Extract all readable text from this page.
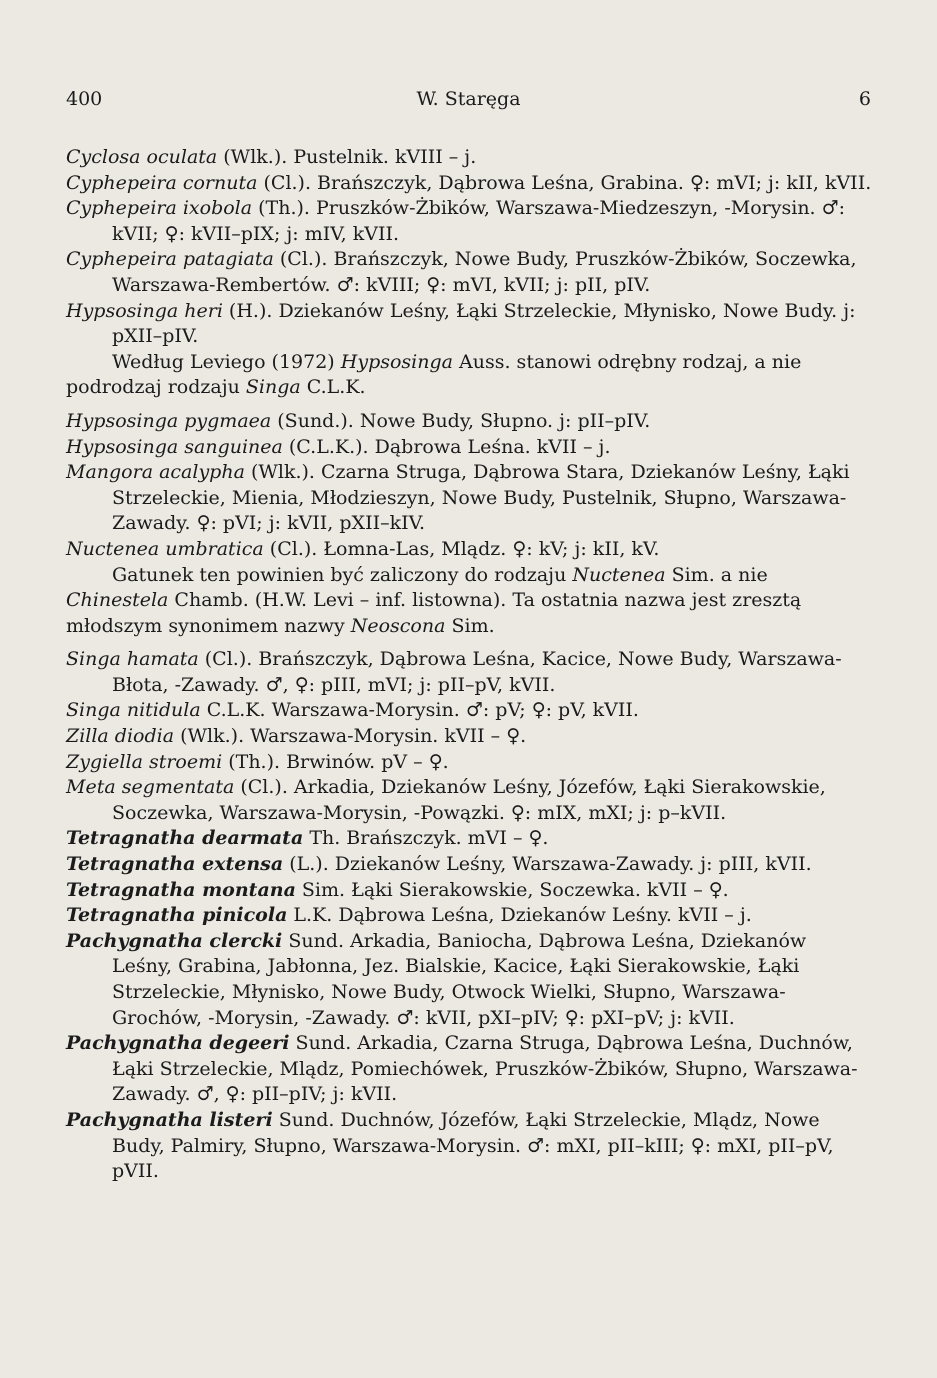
400	W. Staręga	6

Cyclosa oculata (Wlk.). Pustelnik. kVIII – j.

Cyphepeira cornuta (Cl.). Brańszczyk, Dąbrowa Leśna, Grabina. ♀: mVI; j: kII, kVII.

Cyphepeira ixobola (Th.). Pruszków-Żbików, Warszawa-Miedzeszyn, -Morysin. ♂: kVII; ♀: kVII–pIX; j: mIV, kVII.

Cyphepeira patagiata (Cl.). Brańszczyk, Nowe Budy, Pruszków-Żbików, Soczewka, Warszawa-Rembertów. ♂: kVIII; ♀: mVI, kVII; j: pII, pIV.

Hypsosinga heri (H.). Dziekanów Leśny, Łąki Strzeleckie, Młynisko, Nowe Budy. j: pXII–pIV.

Według Leviego (1972) Hypsosinga Auss. stanowi odrębny rodzaj, a nie podrodzaj rodzaju Singa C.L.K.

Hypsosinga pygmaea (Sund.). Nowe Budy, Słupno. j: pII–pIV.

Hypsosinga sanguinea (C.L.K.). Dąbrowa Leśna. kVII – j.

Mangora acalypha (Wlk.). Czarna Struga, Dąbrowa Stara, Dziekanów Leśny, Łąki Strzeleckie, Mienia, Młodzieszyn, Nowe Budy, Pustelnik, Słupno, Warszawa-Zawady. ♀: pVI; j: kVII, pXII–kIV.

Nuctenea umbratica (Cl.). Łomna-Las, Mlądz. ♀: kV; j: kII, kV.

Gatunek ten powinien być zaliczony do rodzaju Nuctenea Sim. a nie Chinestela Chamb. (H.W. Levi – inf. listowna). Ta ostatnia nazwa jest zresztą młodszym synonimem nazwy Neoscona Sim.

Singa hamata (Cl.). Brańszczyk, Dąbrowa Leśna, Kacice, Nowe Budy, Warszawa-Błota, -Zawady. ♂, ♀: pIII, mVI; j: pII–pV, kVII.

Singa nitidula C.L.K. Warszawa-Morysin. ♂: pV; ♀: pV, kVII.

Zilla diodia (Wlk.). Warszawa-Morysin. kVII – ♀.

Zygiella stroemi (Th.). Brwinów. pV – ♀.

Meta segmentata (Cl.). Arkadia, Dziekanów Leśny, Józefów, Łąki Sierakowskie, Soczewka, Warszawa-Morysin, -Powązki. ♀: mIX, mXI; j: p–kVII.

Tetragnatha dearmata Th. Brańszczyk. mVI – ♀.

Tetragnatha extensa (L.). Dziekanów Leśny, Warszawa-Zawady. j: pIII, kVII.

Tetragnatha montana Sim. Łąki Sierakowskie, Soczewka. kVII – ♀.

Tetragnatha pinicola L.K. Dąbrowa Leśna, Dziekanów Leśny. kVII – j.

Pachygnatha clercki Sund. Arkadia, Baniocha, Dąbrowa Leśna, Dziekanów Leśny, Grabina, Jabłonna, Jez. Bialskie, Kacice, Łąki Sierakowskie, Łąki Strzeleckie, Młynisko, Nowe Budy, Otwock Wielki, Słupno, Warszawa-Grochów, -Morysin, -Zawady. ♂: kVII, pXI–pIV; ♀: pXI–pV; j: kVII.

Pachygnatha degeeri Sund. Arkadia, Czarna Struga, Dąbrowa Leśna, Duchnów, Łąki Strzeleckie, Mlądz, Pomiechówek, Pruszków-Żbików, Słupno, Warszawa-Zawady. ♂, ♀: pII–pIV; j: kVII.

Pachygnatha listeri Sund. Duchnów, Józefów, Łąki Strzeleckie, Mlądz, Nowe Budy, Palmiry, Słupno, Warszawa-Morysin. ♂: mXI, pII–kIII; ♀: mXI, pII–pV, pVII.
